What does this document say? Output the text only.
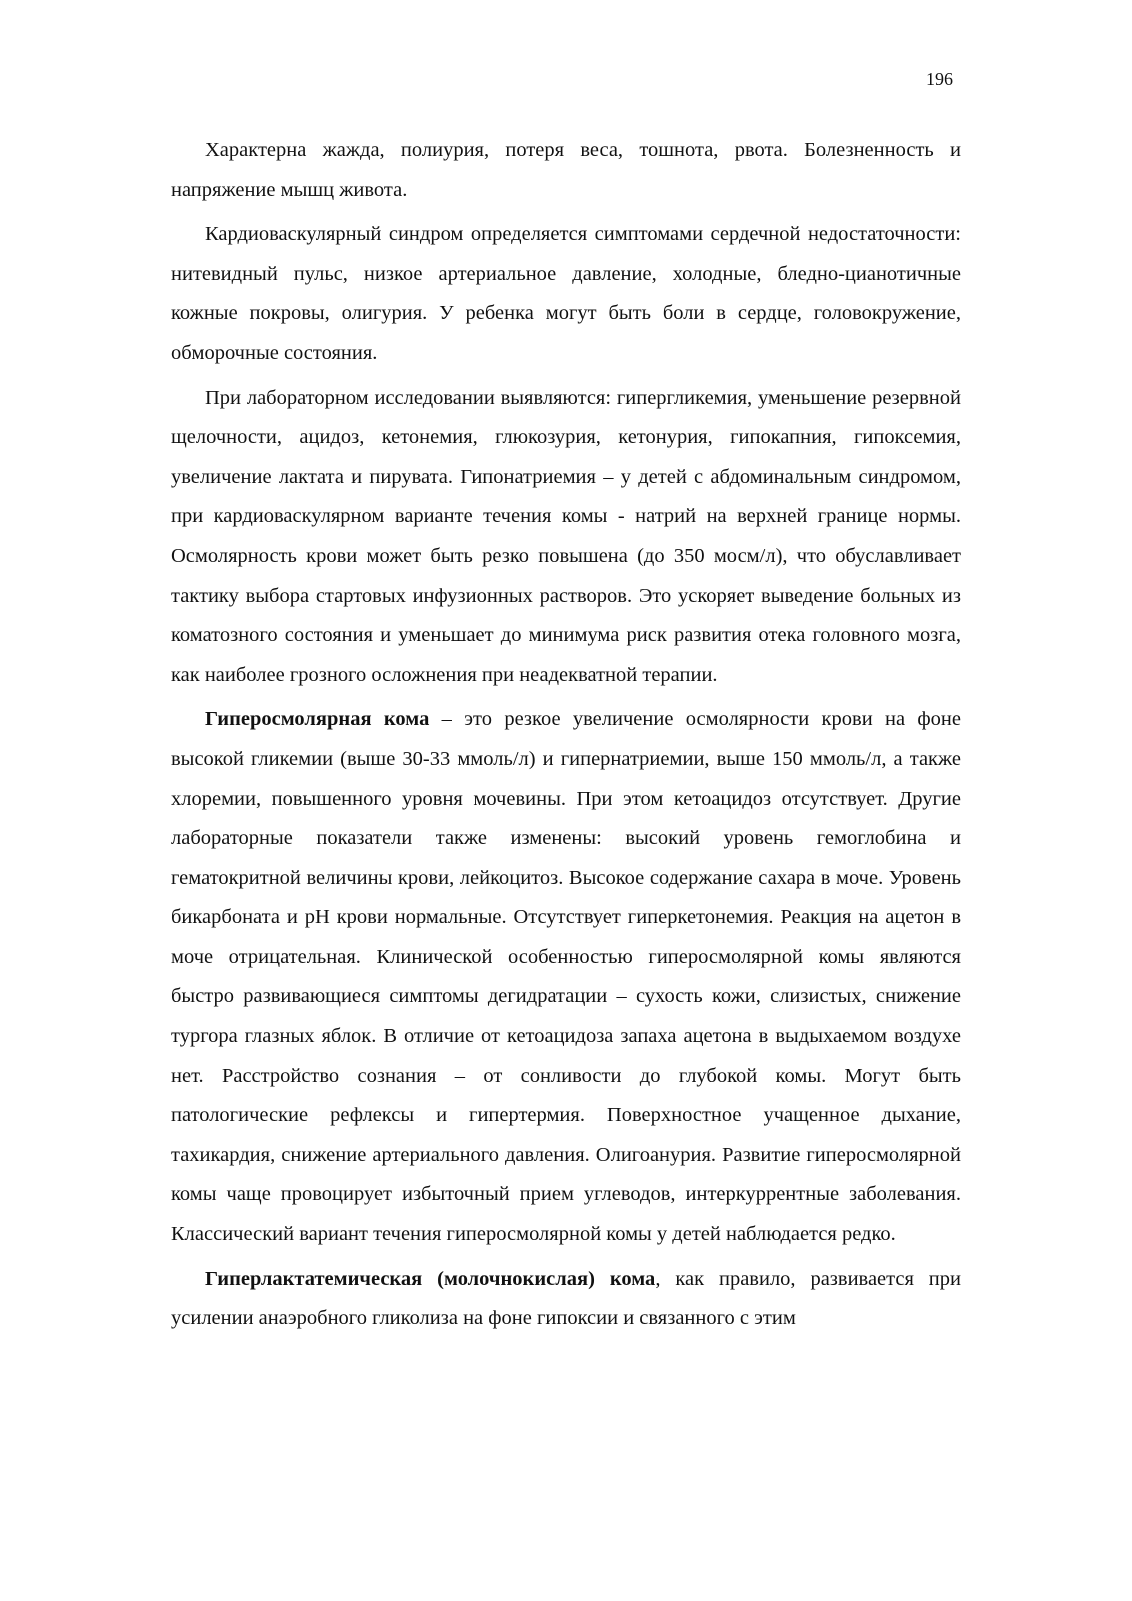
196

Характерна жажда, полиурия, потеря веса, тошнота, рвота. Болезненность и напряжение мышц живота.

Кардиоваскулярный синдром определяется симптомами сердечной недостаточности: нитевидный пульс, низкое артериальное давление, холодные, бледно-цианотичные кожные покровы, олигурия. У ребенка могут быть боли в сердце, головокружение, обморочные состояния.

При лабораторном исследовании выявляются: гипергликемия, уменьшение резервной щелочности, ацидоз, кетонемия, глюкозурия, кетонурия, гипокапния, гипоксемия, увеличение лактата и пирувата. Гипонатриемия – у детей с абдоминальным синдромом, при кардиоваскулярном варианте течения комы - натрий на верхней границе нормы. Осмолярность крови может быть резко повышена (до 350 мосм/л), что обуславливает тактику выбора стартовых инфузионных растворов. Это ускоряет выведение больных из коматозного состояния и уменьшает до минимума риск развития отека головного мозга, как наиболее грозного осложнения при неадекватной терапии.

Гиперосмолярная кома – это резкое увеличение осмолярности крови на фоне высокой гликемии (выше 30-33 ммоль/л) и гипернатриемии, выше 150 ммоль/л, а также хлоремии, повышенного уровня мочевины. При этом кетоацидоз отсутствует. Другие лабораторные показатели также изменены: высокий уровень гемоглобина и гематокритной величины крови, лейкоцитоз. Высокое содержание сахара в моче. Уровень бикарбоната и pH крови нормальные. Отсутствует гиперкетонемия. Реакция на ацетон в моче отрицательная. Клинической особенностью гиперосмолярной комы являются быстро развивающиеся симптомы дегидратации – сухость кожи, слизистых, снижение тургора глазных яблок. В отличие от кетоацидоза запаха ацетона в выдыхаемом воздухе нет. Расстройство сознания – от сонливости до глубокой комы. Могут быть патологические рефлексы и гипертермия. Поверхностное учащенное дыхание, тахикардия, снижение артериального давления. Олигоанурия. Развитие гиперосмолярной комы чаще провоцирует избыточный прием углеводов, интеркуррентные заболевания. Классический вариант течения гиперосмолярной комы у детей наблюдается редко.

Гиперлактатемическая (молочнокислая) кома, как правило, развивается при усилении анаэробного гликолиза на фоне гипоксии и связанного с этим
